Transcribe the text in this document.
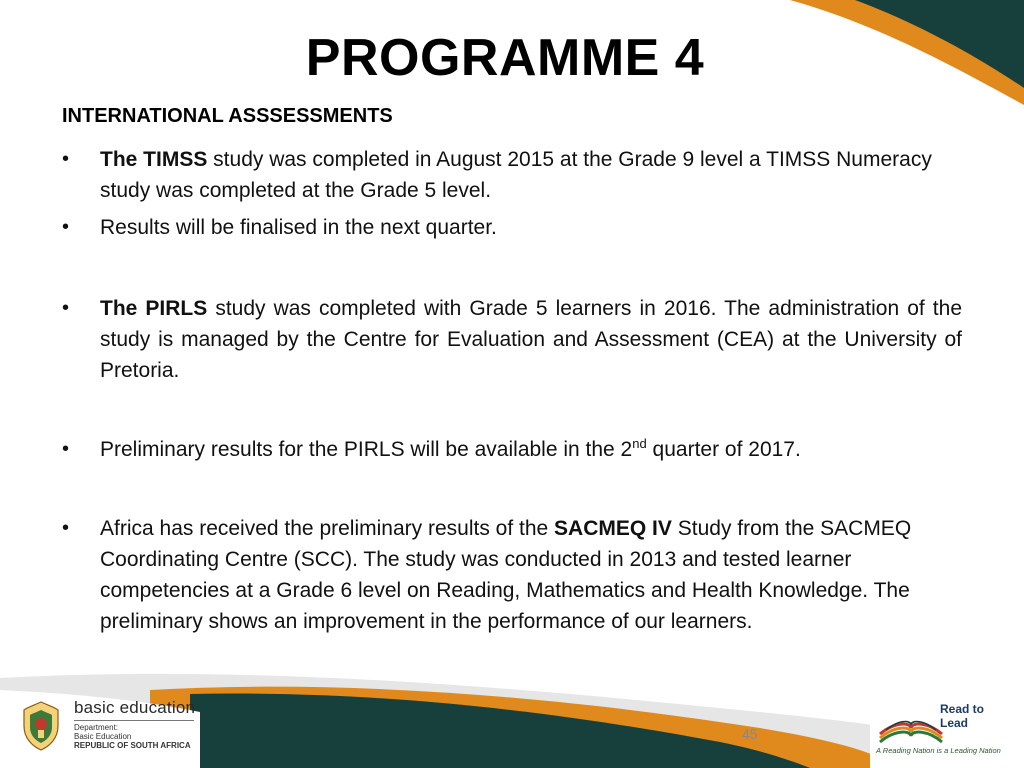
PROGRAMME 4
INTERNATIONAL ASSSESSMENTS
• The TIMSS study was completed in August 2015 at the Grade 9 level a TIMSS Numeracy study was completed at the Grade 5 level.
• Results will be finalised in the next quarter.
• The PIRLS study was completed with Grade 5 learners in 2016. The administration of the study is managed by the Centre for Evaluation and Assessment (CEA) at the University of Pretoria.
• Preliminary results for the PIRLS will be available in the 2nd quarter of 2017.
• Africa has received the preliminary results of the SACMEQ IV Study from the SACMEQ Coordinating Centre (SCC). The study was conducted in 2013 and tested learner competencies at a Grade 6 level on Reading, Mathematics and Health Knowledge. The preliminary shows an improvement in the performance of our learners.
45
basic education
Department:
Basic Education
REPUBLIC OF SOUTH AFRICA
Read to Lead
A Reading Nation is a Leading Nation
